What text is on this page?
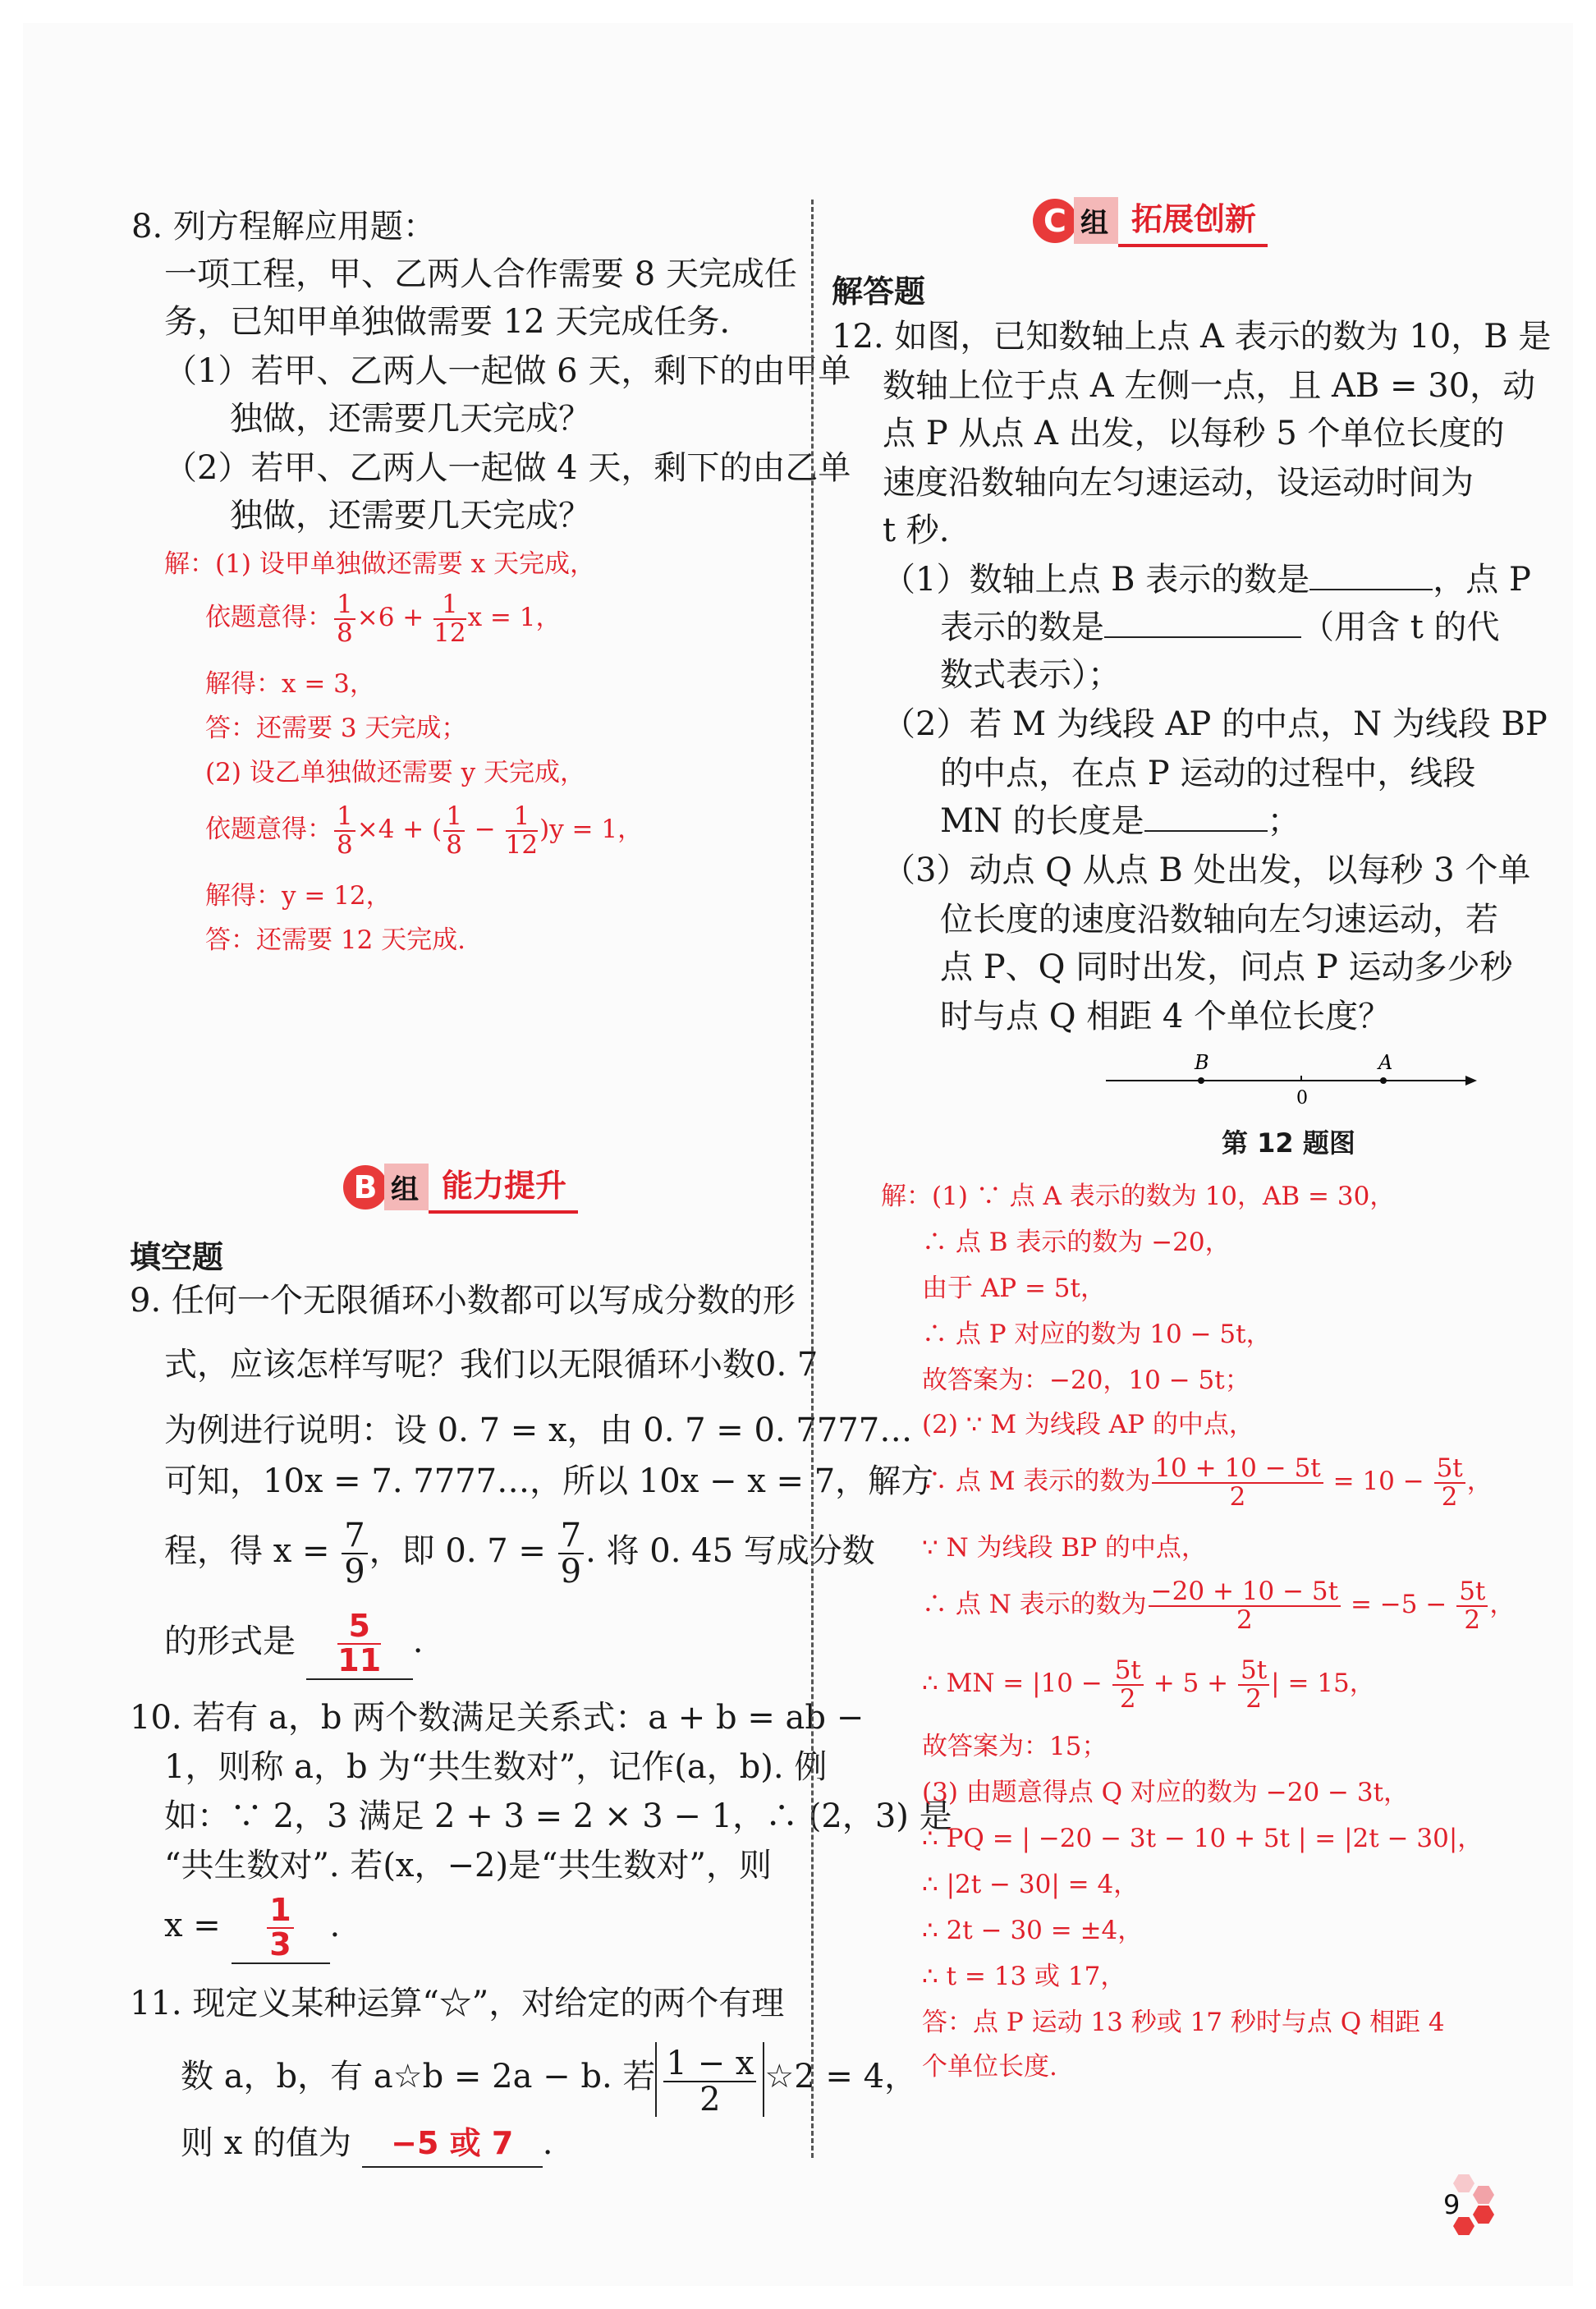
8. 列方程解应用题：
一项工程，甲、乙两人合作需要 8 天完成任
务，已知甲单独做需要 12 天完成任务.
（1）若甲、乙两人一起做 6 天，剩下的由甲单
独做，还需要几天完成？
（2）若甲、乙两人一起做 4 天，剩下的由乙单
独做，还需要几天完成？
解：(1) 设甲单独做还需要 x 天完成，
依题意得： $\frac{1}{8} \times 6 + \frac{1}{12}$ x = 1，
解得：x = 3，
答：还需要 3 天完成；
(2) 设乙单独做还需要 y 天完成，
依题意得： $\frac{1}{8} \times 4$ + ( $\frac{1}{8} - \frac{1}{12} )y = 1$，
解得：y = 12，
答：还需要 12 天完成.
B 组 能力提升
填空题
9. 任何一个无限循环小数都可以写成分数的形
式，应该怎样写呢？我们以无限循环小数0. 7
为例进行说明：设 0. 7 = x，由 0. 7 = 0. 7777…
可知，10x = 7. 7777…，所以 10x − x = 7，解方
程，得 $x = \frac{7}{9}$ ，即 0. $7 = \frac{7}{9}$ . 将 0. 45 写成分数
的形式是 $\frac{5}{11}$ .
10. 若有 a，b 两个数满足关系式：a + b = ab −
1，则称 a，b 为“共生数对”，记作(a，b). 例
如：∵ 2，3 满足 2 + 3 = 2 × 3 − 1，∴ (2，3) 是
“共生数对”. 若(x，−2)是“共生数对”，则
$x = \frac{1}{3}$ .
11. 现定义某种运算“☆”，对给定的两个有理
数 a，b，有 a☆b = 2a − b. 若 $\frac{1 - x}{2}$ ☆2 = 4，
则 x 的值为 −5 或 7 .
C 组 拓展创新
解答题
12. 如图，已知数轴上点 A 表示的数为 10，B 是
数轴上位于点 A 左侧一点，且 AB = 30，动
点 P 从点 A 出发，以每秒 5 个单位长度的
速度沿数轴向左匀速运动，设运动时间为
t 秒.
（1）数轴上点 B 表示的数是	，点 P
表示的数是	（用含 t 的代
数式表示）；
（2）若 M 为线段 AP 的中点，N 为线段 BP
的中点，在点 P 运动的过程中，线段
MN 的长度是	；
（3）动点 Q 从点 B 处出发，以每秒 3 个单
位长度的速度沿数轴向左匀速运动，若
点 P、Q 同时出发，问点 P 运动多少秒
时与点 Q 相距 4 个单位长度？
B	A
0
第 12 题图
解：(1) ∵ 点 A 表示的数为 10，AB = 30，
∴ 点 B 表示的数为 −20，
由于 AP = 5t，
∴ 点 P 对应的数为 10 − 5t，
故答案为：−20，10 − 5t；
(2) ∵ M 为线段 AP 的中点，
∴ 点 M 表示的数为 $\frac{10 + 10 - 5t}{2} = 10 - \frac{5t}{2}$ ，
∵ N 为线段 BP 的中点，
∴ 点 N 表示的数为 $\frac{-20 + 10 - 5t}{2} = -5 - \frac{5t}{2}$ ，
∴ MN = $|10 - \frac{5t}{2} + 5 + \frac{5t}{2}$ | = 15，
故答案为：15；
(3) 由题意得点 Q 对应的数为 −20 − 3t，
∴ PQ = | −20 − 3t − 10 + 5t | = |2t − 30|，
∴ |2t − 30| = 4，
∴ 2t − 30 = ±4，
∴ t = 13 或 17，
答：点 P 运动 13 秒或 17 秒时与点 Q 相距 4
个单位长度.
9
